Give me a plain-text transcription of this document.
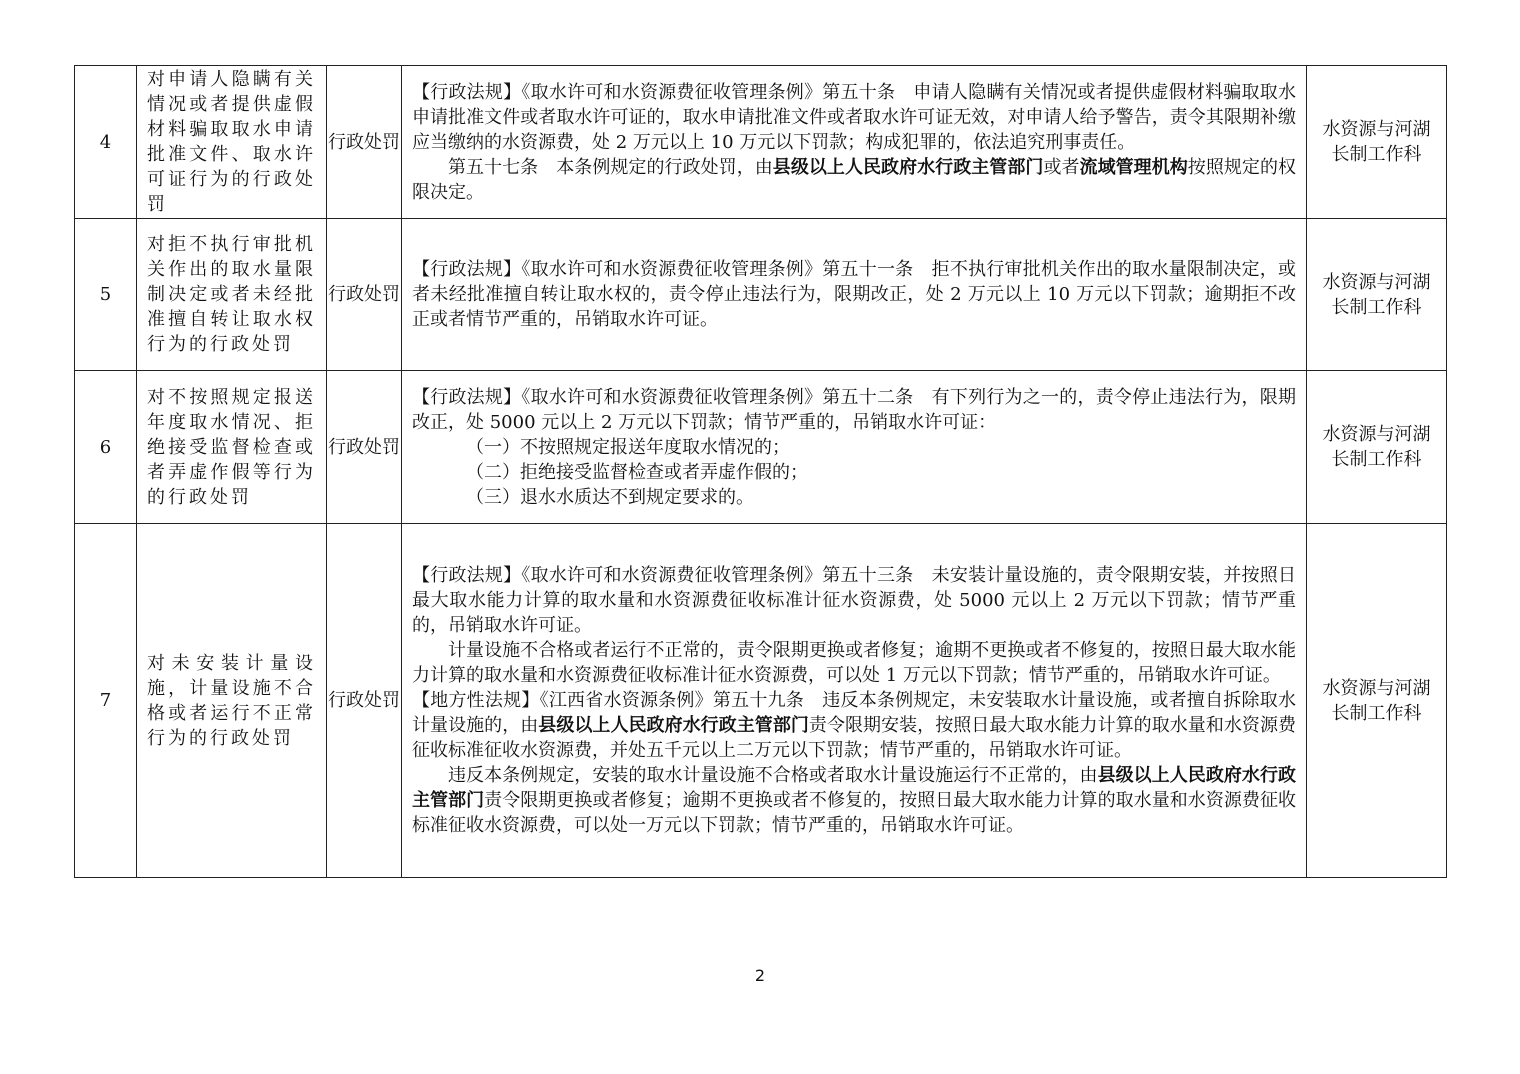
4	对申请人隐瞒有关情况或者提供虚假材料骗取取水申请批准文件、取水许可证行为的行政处罚	行政处罚	【行政法规】《取水许可和水资源费征收管理条例》第五十条　申请人隐瞒有关情况或者提供虚假材料骗取取水申请批准文件或者取水许可证的，取水申请批准文件或者取水许可证无效，对申请人给予警告，责令其限期补缴应当缴纳的水资源费，处 2 万元以上 10 万元以下罚款；构成犯罪的，依法追究刑事责任。
第五十七条　本条例规定的行政处罚，由县级以上人民政府水行政主管部门或者流域管理机构按照规定的权限决定。	水资源与河湖长制工作科
5	对拒不执行审批机关作出的取水量限制决定或者未经批准擅自转让取水权行为的行政处罚	行政处罚	【行政法规】《取水许可和水资源费征收管理条例》第五十一条　拒不执行审批机关作出的取水量限制决定，或者未经批准擅自转让取水权的，责令停止违法行为，限期改正，处 2 万元以上 10 万元以下罚款；逾期拒不改正或者情节严重的，吊销取水许可证。	水资源与河湖长制工作科
6	对不按照规定报送年度取水情况、拒绝接受监督检查或者弄虚作假等行为的行政处罚	行政处罚	【行政法规】《取水许可和水资源费征收管理条例》第五十二条　有下列行为之一的，责令停止违法行为，限期改正，处 5000 元以上 2 万元以下罚款；情节严重的，吊销取水许可证：
（一）不按照规定报送年度取水情况的；
（二）拒绝接受监督检查或者弄虚作假的；
（三）退水水质达不到规定要求的。	水资源与河湖长制工作科
7	对未安装计量设施，计量设施不合格或者运行不正常行为的行政处罚	行政处罚	【行政法规】《取水许可和水资源费征收管理条例》第五十三条　未安装计量设施的，责令限期安装，并按照日最大取水能力计算的取水量和水资源费征收标准计征水资源费，处 5000 元以上 2 万元以下罚款；情节严重的，吊销取水许可证。
计量设施不合格或者运行不正常的，责令限期更换或者修复；逾期不更换或者不修复的，按照日最大取水能力计算的取水量和水资源费征收标准计征水资源费，可以处 1 万元以下罚款；情节严重的，吊销取水许可证。
【地方性法规】《江西省水资源条例》第五十九条　违反本条例规定，未安装取水计量设施，或者擅自拆除取水计量设施的，由县级以上人民政府水行政主管部门责令限期安装，按照日最大取水能力计算的取水量和水资源费征收标准征收水资源费，并处五千元以上二万元以下罚款；情节严重的，吊销取水许可证。
违反本条例规定，安装的取水计量设施不合格或者取水计量设施运行不正常的，由县级以上人民政府水行政主管部门责令限期更换或者修复；逾期不更换或者不修复的，按照日最大取水能力计算的取水量和水资源费征收标准征收水资源费，可以处一万元以下罚款；情节严重的，吊销取水许可证。	水资源与河湖长制工作科
2
